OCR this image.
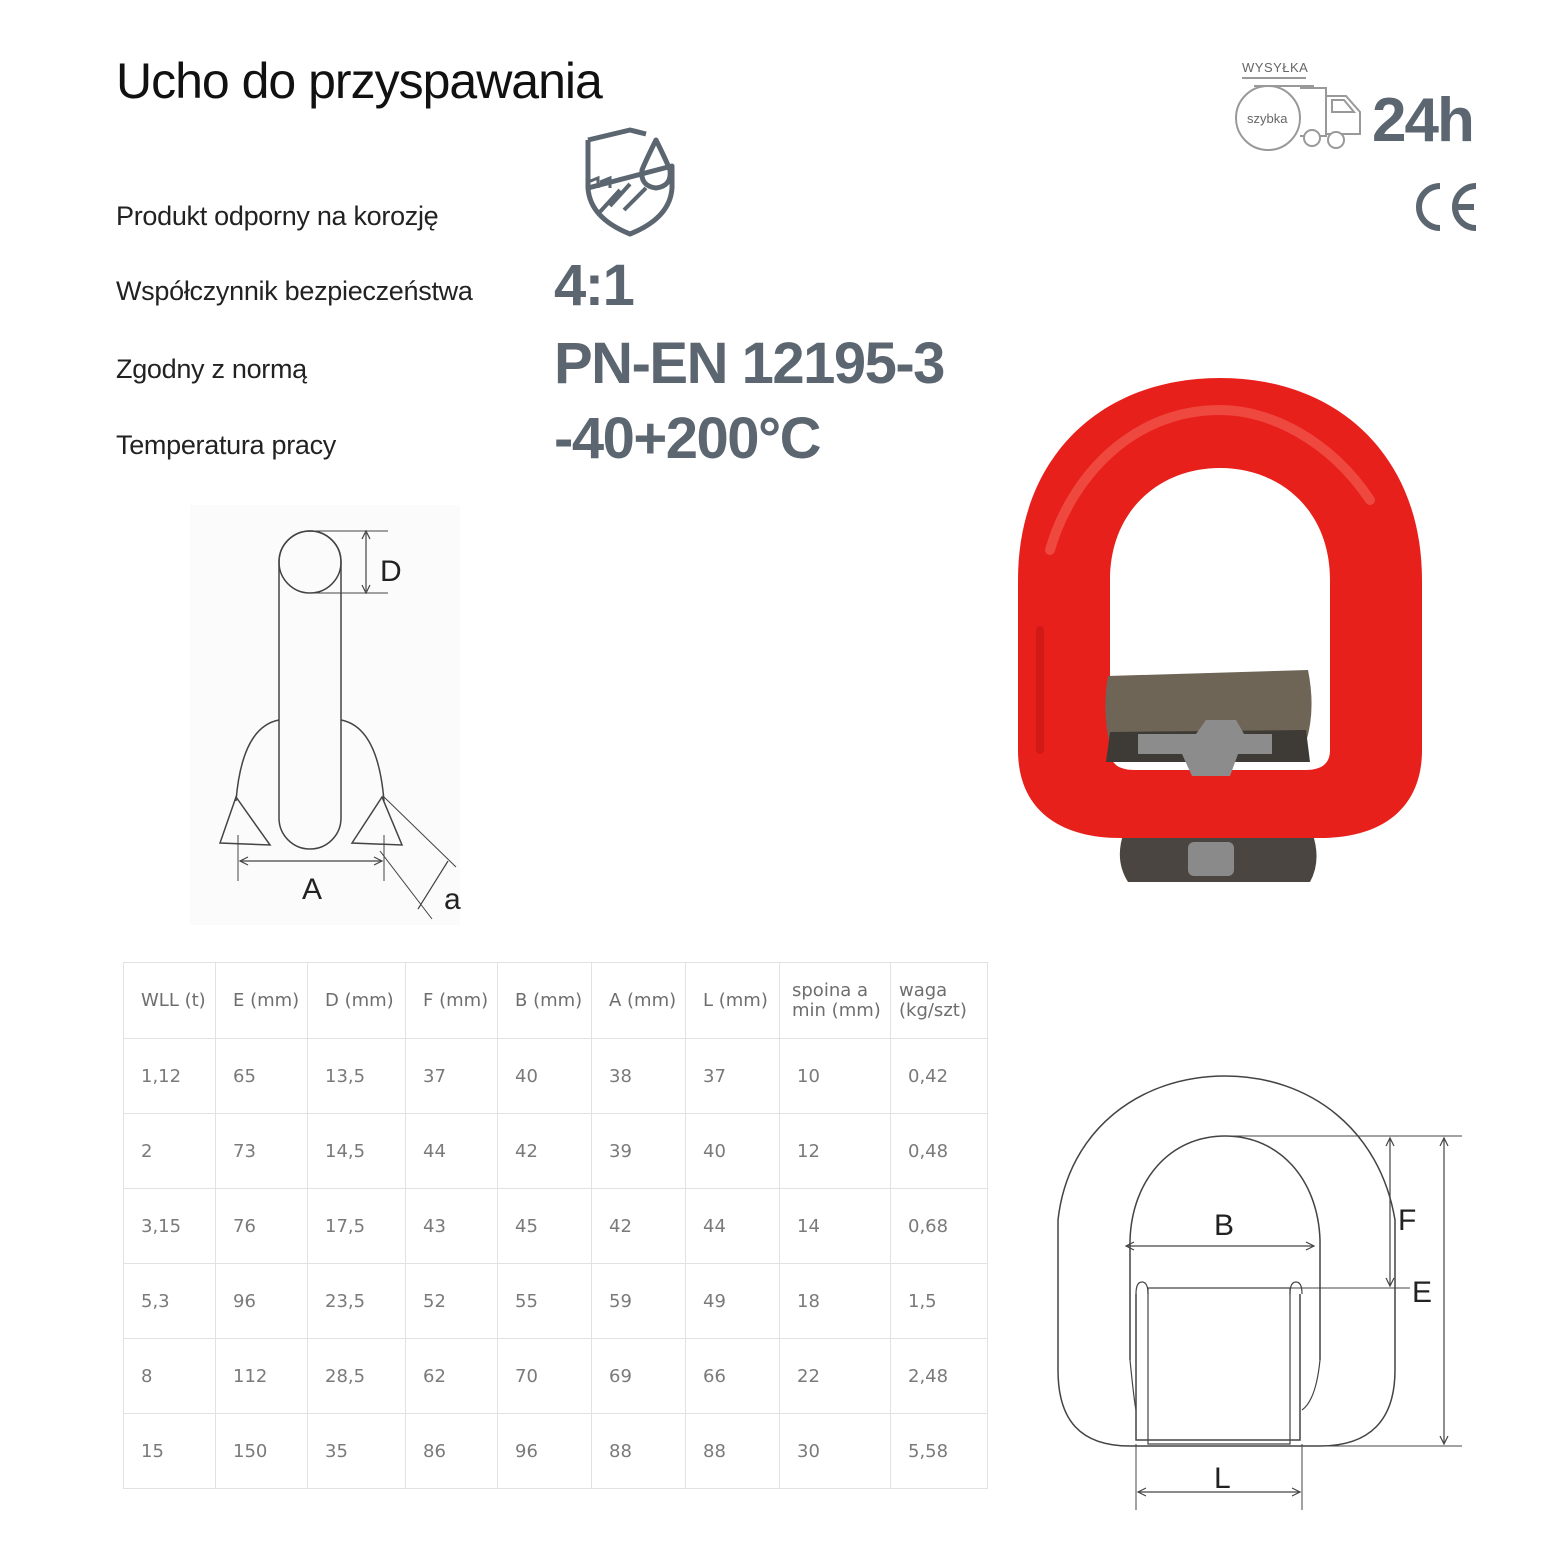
Ucho do przyspawania
Produkt odporny na korozję
Współczynnik bezpieczeństwa
Zgodny z normą
Temperatura pracy
4:1
PN-EN 12195-3
-40+200°C
WYSYŁKA
szybka 24h
D
A	a
WLL (t)	E (mm)	D (mm)	F (mm)	B (mm)	A (mm)	L (mm)	spoina a min (mm)	waga (kg/szt)
1,12	65	13,5	37	40	38	37	10	0,42
2	73	14,5	44	42	39	40	12	0,48
3,15	76	17,5	43	45	42	44	14	0,68
5,3	96	23,5	52	55	59	49	18	1,5
8	112	28,5	62	70	69	66	22	2,48
15	150	35	86	96	88	88	30	5,58
B	F
E
L
